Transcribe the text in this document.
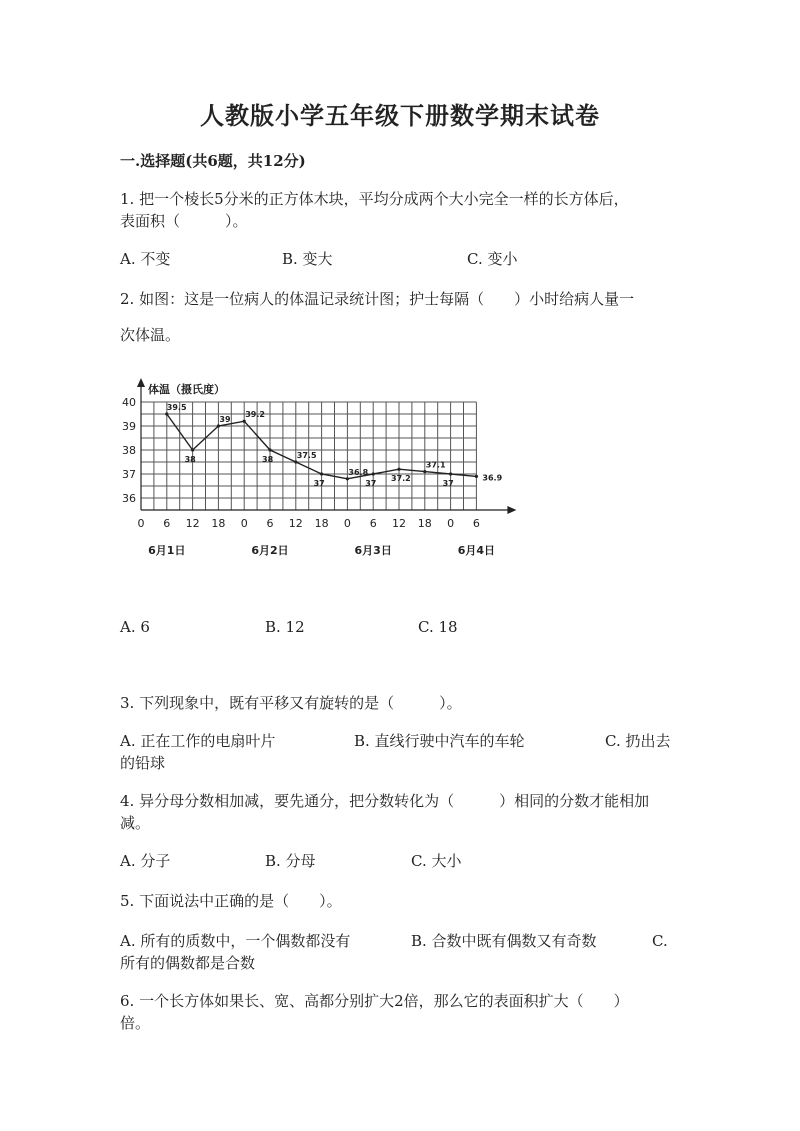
人教版小学五年级下册数学期末试卷
一.选择题(共6题，共12分)
1. 把一个棱长5分米的正方体木块，平均分成两个大小完全一样的长方体后，
表面积（　　　）。
A. 不变	B. 变大	C. 变小
2. 如图：这是一位病人的体温记录统计图；护士每隔（　　）小时给病人量一
次体温。
体温（摄氏度）
36
37
38
39
40
0 6 12 18 0 6 12 18 0 6 12 18 0 6
6月1日	6月2日	6月3日	6月4日
39.5
38
39
39.2
38	37.5
37
36.8
37
37.2
37.1
37
36.9
A. 6	B. 12	C. 18
3. 下列现象中，既有平移又有旋转的是（　　　）。
A. 正在工作的电扇叶片	B. 直线行驶中汽车的车轮	C. 扔出去
的铅球
4. 异分母分数相加减，要先通分，把分数转化为（　　　）相同的分数才能相加
减。
A. 分子	B. 分母	C. 大小
5. 下面说法中正确的是（　　）。
A. 所有的质数中，一个偶数都没有	B. 合数中既有偶数又有奇数	C.
所有的偶数都是合数
6. 一个长方体如果长、宽、高都分别扩大2倍，那么它的表面积扩大（　　）
倍。
